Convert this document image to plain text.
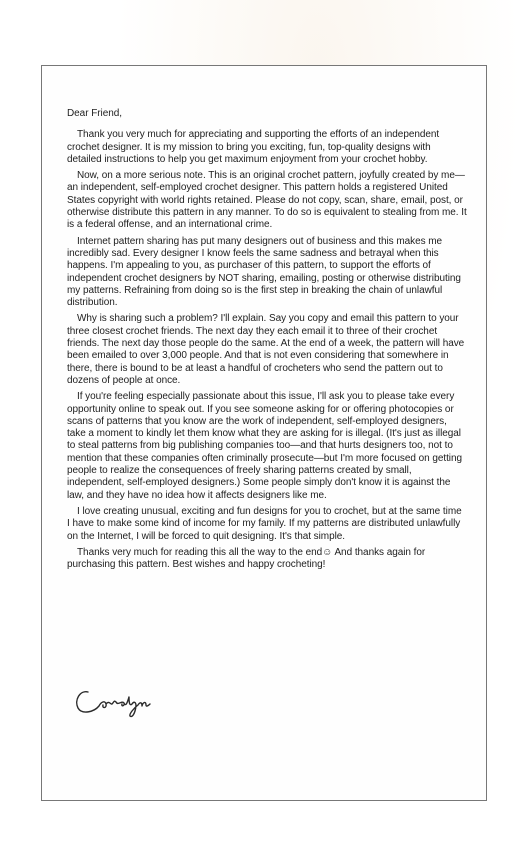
Dear Friend,

Thank you very much for appreciating and supporting the efforts of an independent crochet designer. It is my mission to bring you exciting, fun, top-quality designs with detailed instructions to help you get maximum enjoyment from your crochet hobby.

Now, on a more serious note. This is an original crochet pattern, joyfully created by me—an independent, self-employed crochet designer. This pattern holds a registered United States copyright with world rights retained. Please do not copy, scan, share, email, post, or otherwise distribute this pattern in any manner. To do so is equivalent to stealing from me. It is a federal offense, and an international crime.

Internet pattern sharing has put many designers out of business and this makes me incredibly sad. Every designer I know feels the same sadness and betrayal when this happens. I'm appealing to you, as purchaser of this pattern, to support the efforts of independent crochet designers by NOT sharing, emailing, posting or otherwise distributing my patterns. Refraining from doing so is the first step in breaking the chain of unlawful distribution.

Why is sharing such a problem? I'll explain. Say you copy and email this pattern to your three closest crochet friends. The next day they each email it to three of their crochet friends. The next day those people do the same. At the end of a week, the pattern will have been emailed to over 3,000 people. And that is not even considering that somewhere in there, there is bound to be at least a handful of crocheters who send the pattern out to dozens of people at once.

If you're feeling especially passionate about this issue, I'll ask you to please take every opportunity online to speak out. If you see someone asking for or offering photocopies or scans of patterns that you know are the work of independent, self-employed designers, take a moment to kindly let them know what they are asking for is illegal. (It's just as illegal to steal patterns from big publishing companies too—and that hurts designers too, not to mention that these companies often criminally prosecute—but I'm more focused on getting people to realize the consequences of freely sharing patterns created by small, independent, self-employed designers.) Some people simply don't know it is against the law, and they have no idea how it affects designers like me.

I love creating unusual, exciting and fun designs for you to crochet, but at the same time I have to make some kind of income for my family. If my patterns are distributed unlawfully on the Internet, I will be forced to quit designing. It's that simple.

Thanks very much for reading this all the way to the end☺ And thanks again for purchasing this pattern. Best wishes and happy crocheting!
